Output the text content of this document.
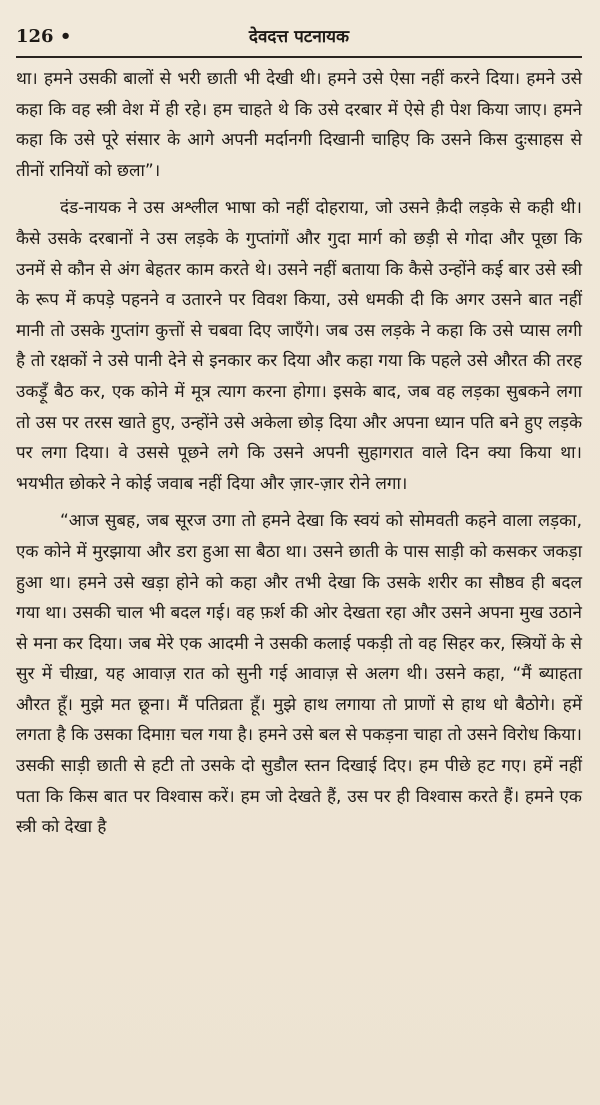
126 •	देवदत्त पटनायक

था। हमने उसकी बालों से भरी छाती भी देखी थी। हमने उसे ऐसा नहीं करने दिया। हमने उसे कहा कि वह स्त्री वेश में ही रहे। हम चाहते थे कि उसे दरबार में ऐसे ही पेश किया जाए। हमने कहा कि उसे पूरे संसार के आगे अपनी मर्दानगी दिखानी चाहिए कि उसने किस दुःसाहस से तीनों रानियों को छला”।

दंड-नायक ने उस अश्लील भाषा को नहीं दोहराया, जो उसने क़ैदी लड़के से कही थी। कैसे उसके दरबानों ने उस लड़के के गुप्तांगों और गुदा मार्ग को छड़ी से गोदा और पूछा कि उनमें से कौन से अंग बेहतर काम करते थे। उसने नहीं बताया कि कैसे उन्होंने कई बार उसे स्त्री के रूप में कपड़े पहनने व उतारने पर विवश किया, उसे धमकी दी कि अगर उसने बात नहीं मानी तो उसके गुप्तांग कुत्तों से चबवा दिए जाएँगे। जब उस लड़के ने कहा कि उसे प्यास लगी है तो रक्षकों ने उसे पानी देने से इनकार कर दिया और कहा गया कि पहले उसे औरत की तरह उकड़ूँ बैठ कर, एक कोने में मूत्र त्याग करना होगा। इसके बाद, जब वह लड़का सुबकने लगा तो उस पर तरस खाते हुए, उन्होंने उसे अकेला छोड़ दिया और अपना ध्यान पति बने हुए लड़के पर लगा दिया। वे उससे पूछने लगे कि उसने अपनी सुहागरात वाले दिन क्या किया था। भयभीत छोकरे ने कोई जवाब नहीं दिया और ज़ार-ज़ार रोने लगा।

“आज सुबह, जब सूरज उगा तो हमने देखा कि स्वयं को सोमवती कहने वाला लड़का, एक कोने में मुरझाया और डरा हुआ सा बैठा था। उसने छाती के पास साड़ी को कसकर जकड़ा हुआ था। हमने उसे खड़ा होने को कहा और तभी देखा कि उसके शरीर का सौष्ठव ही बदल गया था। उसकी चाल भी बदल गई। वह फ़र्श की ओर देखता रहा और उसने अपना मुख उठाने से मना कर दिया। जब मेरे एक आदमी ने उसकी कलाई पकड़ी तो वह सिहर कर, स्त्रियों के से सुर में चीख़ा, यह आवाज़ रात को सुनी गई आवाज़ से अलग थी। उसने कहा, “मैं ब्याहता औरत हूँ। मुझे मत छूना। मैं पतिव्रता हूँ। मुझे हाथ लगाया तो प्राणों से हाथ धो बैठोगे। हमें लगता है कि उसका दिमाग़ चल गया है। हमने उसे बल से पकड़ना चाहा तो उसने विरोध किया। उसकी साड़ी छाती से हटी तो उसके दो सुडौल स्तन दिखाई दिए। हम पीछे हट गए। हमें नहीं पता कि किस बात पर विश्वास करें। हम जो देखते हैं, उस पर ही विश्वास करते हैं। हमने एक स्त्री को देखा है
